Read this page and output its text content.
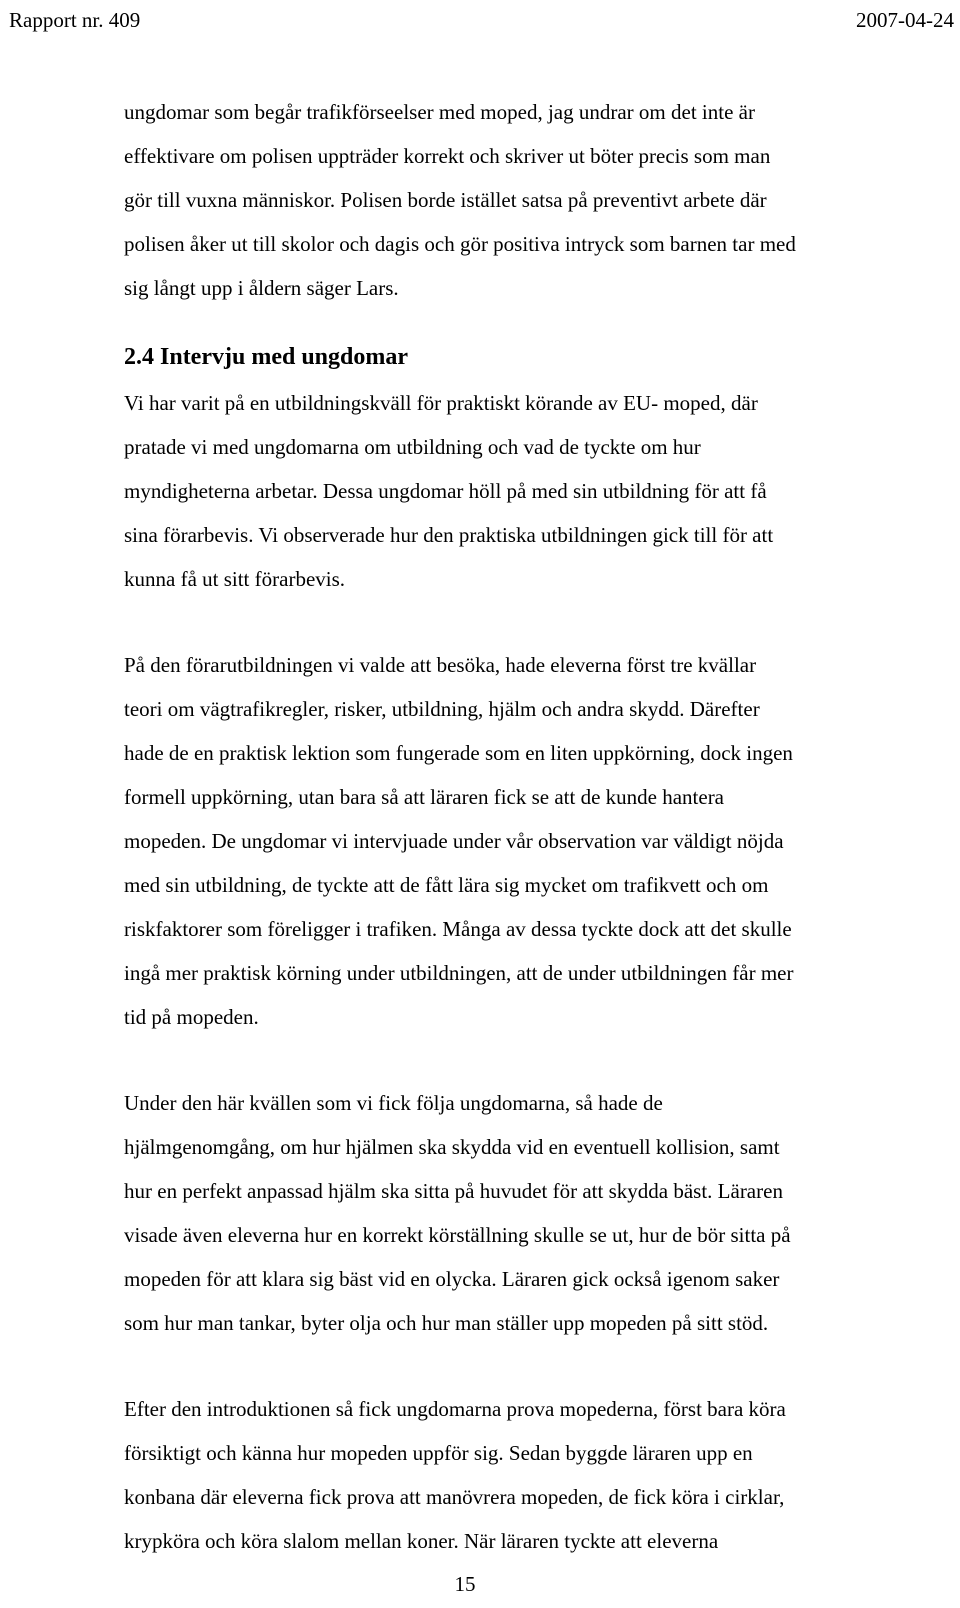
Rapport nr. 409	2007-04-24

ungdomar som begår trafikförseelser med moped, jag undrar om det inte är
effektivare om polisen uppträder korrekt och skriver ut böter precis som man
gör till vuxna människor. Polisen borde istället satsa på preventivt arbete där
polisen åker ut till skolor och dagis och gör positiva intryck som barnen tar med
sig långt upp i åldern säger Lars.

2.4 Intervju med ungdomar

Vi har varit på en utbildningskväll för praktiskt körande av EU- moped, där
pratade vi med ungdomarna om utbildning och vad de tyckte om hur
myndigheterna arbetar. Dessa ungdomar höll på med sin utbildning för att få
sina förarbevis. Vi observerade hur den praktiska utbildningen gick till för att
kunna få ut sitt förarbevis.

På den förarutbildningen vi valde att besöka, hade eleverna först tre kvällar
teori om vägtrafikregler, risker, utbildning, hjälm och andra skydd. Därefter
hade de en praktisk lektion som fungerade som en liten uppkörning, dock ingen
formell uppkörning, utan bara så att läraren fick se att de kunde hantera
mopeden. De ungdomar vi intervjuade under vår observation var väldigt nöjda
med sin utbildning, de tyckte att de fått lära sig mycket om trafikvett och om
riskfaktorer som föreligger i trafiken. Många av dessa tyckte dock att det skulle
ingå mer praktisk körning under utbildningen, att de under utbildningen får mer
tid på mopeden.

Under den här kvällen som vi fick följa ungdomarna, så hade de
hjälmgenomgång, om hur hjälmen ska skydda vid en eventuell kollision, samt
hur en perfekt anpassad hjälm ska sitta på huvudet för att skydda bäst. Läraren
visade även eleverna hur en korrekt körställning skulle se ut, hur de bör sitta på
mopeden för att klara sig bäst vid en olycka. Läraren gick också igenom saker
som hur man tankar, byter olja och hur man ställer upp mopeden på sitt stöd.

Efter den introduktionen så fick ungdomarna prova mopederna, först bara köra
försiktigt och känna hur mopeden uppför sig. Sedan byggde läraren upp en
konbana där eleverna fick prova att manövrera mopeden, de fick köra i cirklar,
krypköra och köra slalom mellan koner. När läraren tyckte att eleverna

15
